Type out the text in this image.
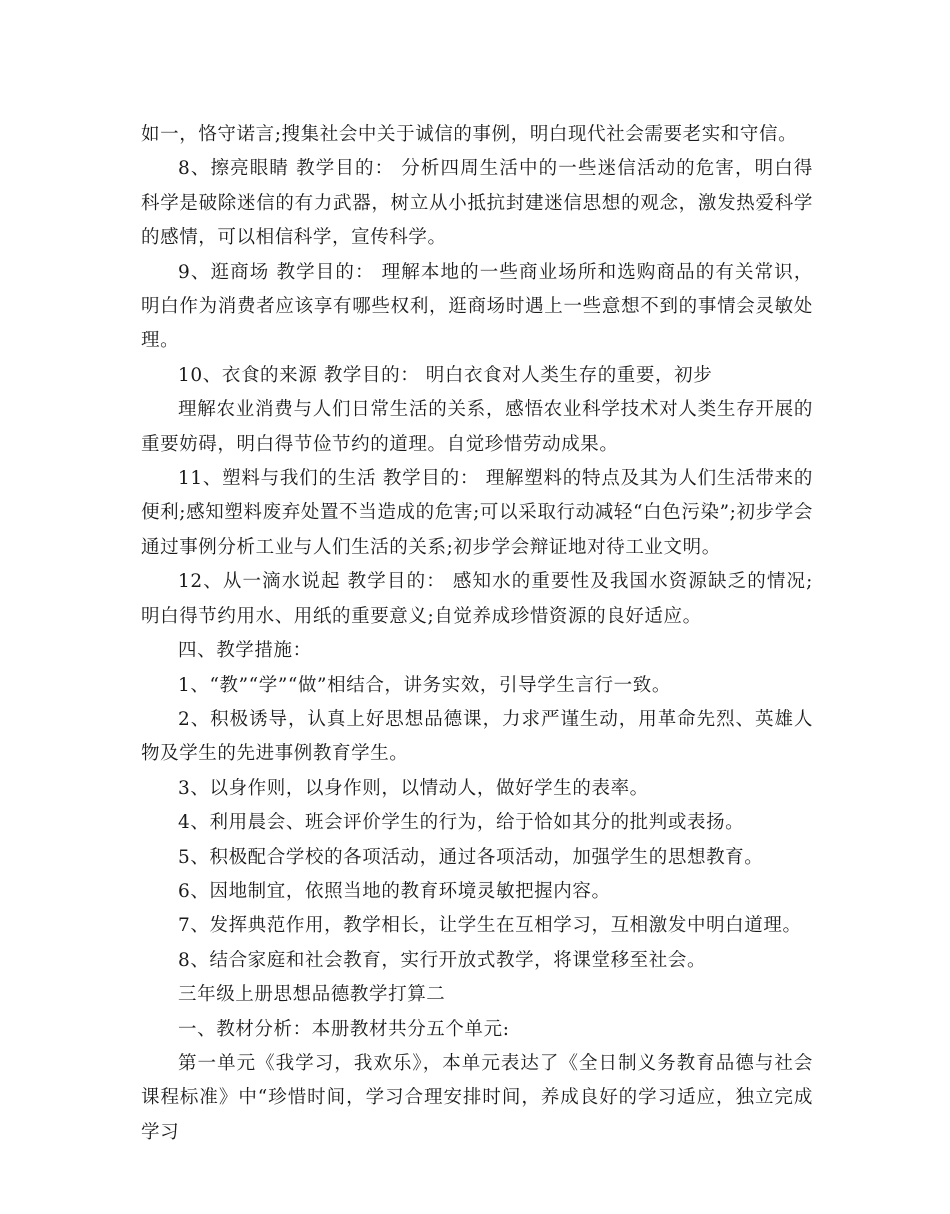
如一，恪守诺言;搜集社会中关于诚信的事例，明白现代社会需要老实和守信。

8、擦亮眼睛 教学目的： 分析四周生活中的一些迷信活动的危害，明白得科学是破除迷信的有力武器，树立从小抵抗封建迷信思想的观念，激发热爱科学的感情，可以相信科学，宣传科学。

9、逛商场 教学目的： 理解本地的一些商业场所和选购商品的有关常识，明白作为消费者应该享有哪些权利，逛商场时遇上一些意想不到的事情会灵敏处理。

10、衣食的来源 教学目的： 明白衣食对人类生存的重要，初步

理解农业消费与人们日常生活的关系，感悟农业科学技术对人类生存开展的重要妨碍，明白得节俭节约的道理。自觉珍惜劳动成果。

11、塑料与我们的生活 教学目的： 理解塑料的特点及其为人们生活带来的便利;感知塑料废弃处置不当造成的危害;可以采取行动减轻“白色污染”;初步学会通过事例分析工业与人们生活的关系;初步学会辩证地对待工业文明。

12、从一滴水说起 教学目的： 感知水的重要性及我国水资源缺乏的情况;明白得节约用水、用纸的重要意义;自觉养成珍惜资源的良好适应。

四、教学措施：

1、“教”“学”“做”相结合，讲务实效，引导学生言行一致。

2、积极诱导，认真上好思想品德课，力求严谨生动，用革命先烈、英雄人物及学生的先进事例教育学生。

3、以身作则，以身作则，以情动人，做好学生的表率。

4、利用晨会、班会评价学生的行为，给于恰如其分的批判或表扬。

5、积极配合学校的各项活动，通过各项活动，加强学生的思想教育。

6、因地制宜，依照当地的教育环境灵敏把握内容。

7、发挥典范作用，教学相长，让学生在互相学习，互相激发中明白道理。

8、结合家庭和社会教育，实行开放式教学，将课堂移至社会。

三年级上册思想品德教学打算二

一、教材分析：本册教材共分五个单元:

第一单元《我学习，我欢乐》，本单元表达了《全日制义务教育品德与社会课程标准》中“珍惜时间，学习合理安排时间，养成良好的学习适应，独立完成学习
